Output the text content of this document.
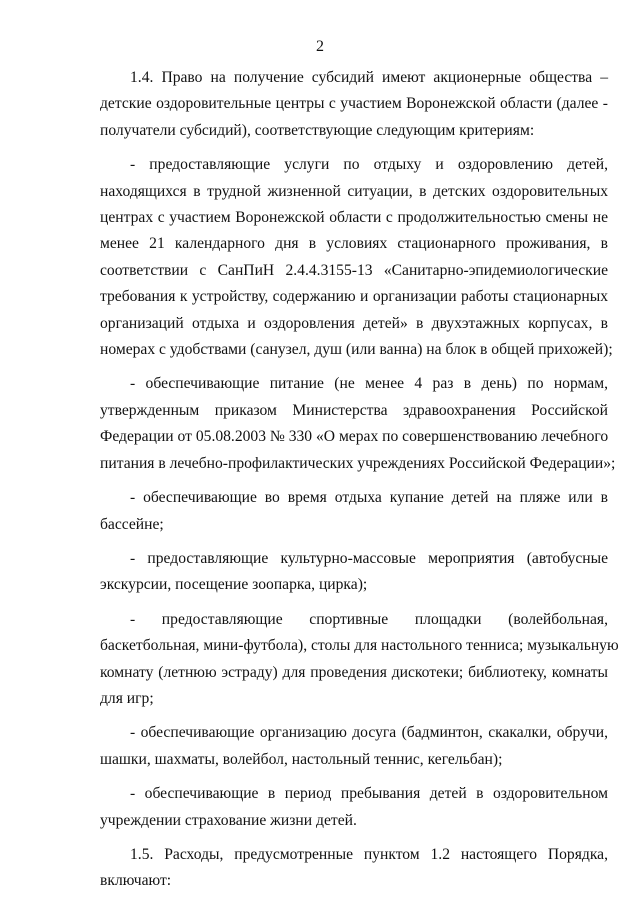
2
1.4. Право на получение субсидий имеют акционерные общества –
детские оздоровительные центры с участием Воронежской области (далее -
получатели субсидий), соответствующие следующим критериям:
- предоставляющие услуги по отдыху и оздоровлению детей,
находящихся в трудной жизненной ситуации, в детских оздоровительных
центрах с участием Воронежской области с продолжительностью смены не
менее 21 календарного дня в условиях стационарного проживания, в
соответствии с СанПиН 2.4.4.3155-13 «Санитарно-эпидемиологические
требования к устройству, содержанию и организации работы стационарных
организаций отдыха и оздоровления детей» в двухэтажных корпусах, в
номерах с удобствами (санузел, душ (или ванна) на блок в общей прихожей);
- обеспечивающие питание (не менее 4 раз в день) по нормам,
утвержденным приказом Министерства здравоохранения Российской
Федерации от 05.08.2003 № 330 «О мерах по совершенствованию лечебного
питания в лечебно-профилактических учреждениях Российской Федерации»;
- обеспечивающие во время отдыха купание детей на пляже или в
бассейне;
- предоставляющие культурно-массовые мероприятия (автобусные
экскурсии, посещение зоопарка, цирка);
- предоставляющие спортивные площадки (волейбольная,
баскетбольная, мини-футбола), столы для настольного тенниса; музыкальную
комнату (летнюю эстраду) для проведения дискотеки; библиотеку, комнаты
для игр;
- обеспечивающие организацию досуга (бадминтон, скакалки, обручи,
шашки, шахматы, волейбол, настольный теннис, кегельбан);
- обеспечивающие в период пребывания детей в оздоровительном
учреждении страхование жизни детей.
1.5. Расходы, предусмотренные пунктом 1.2 настоящего Порядка,
включают:
